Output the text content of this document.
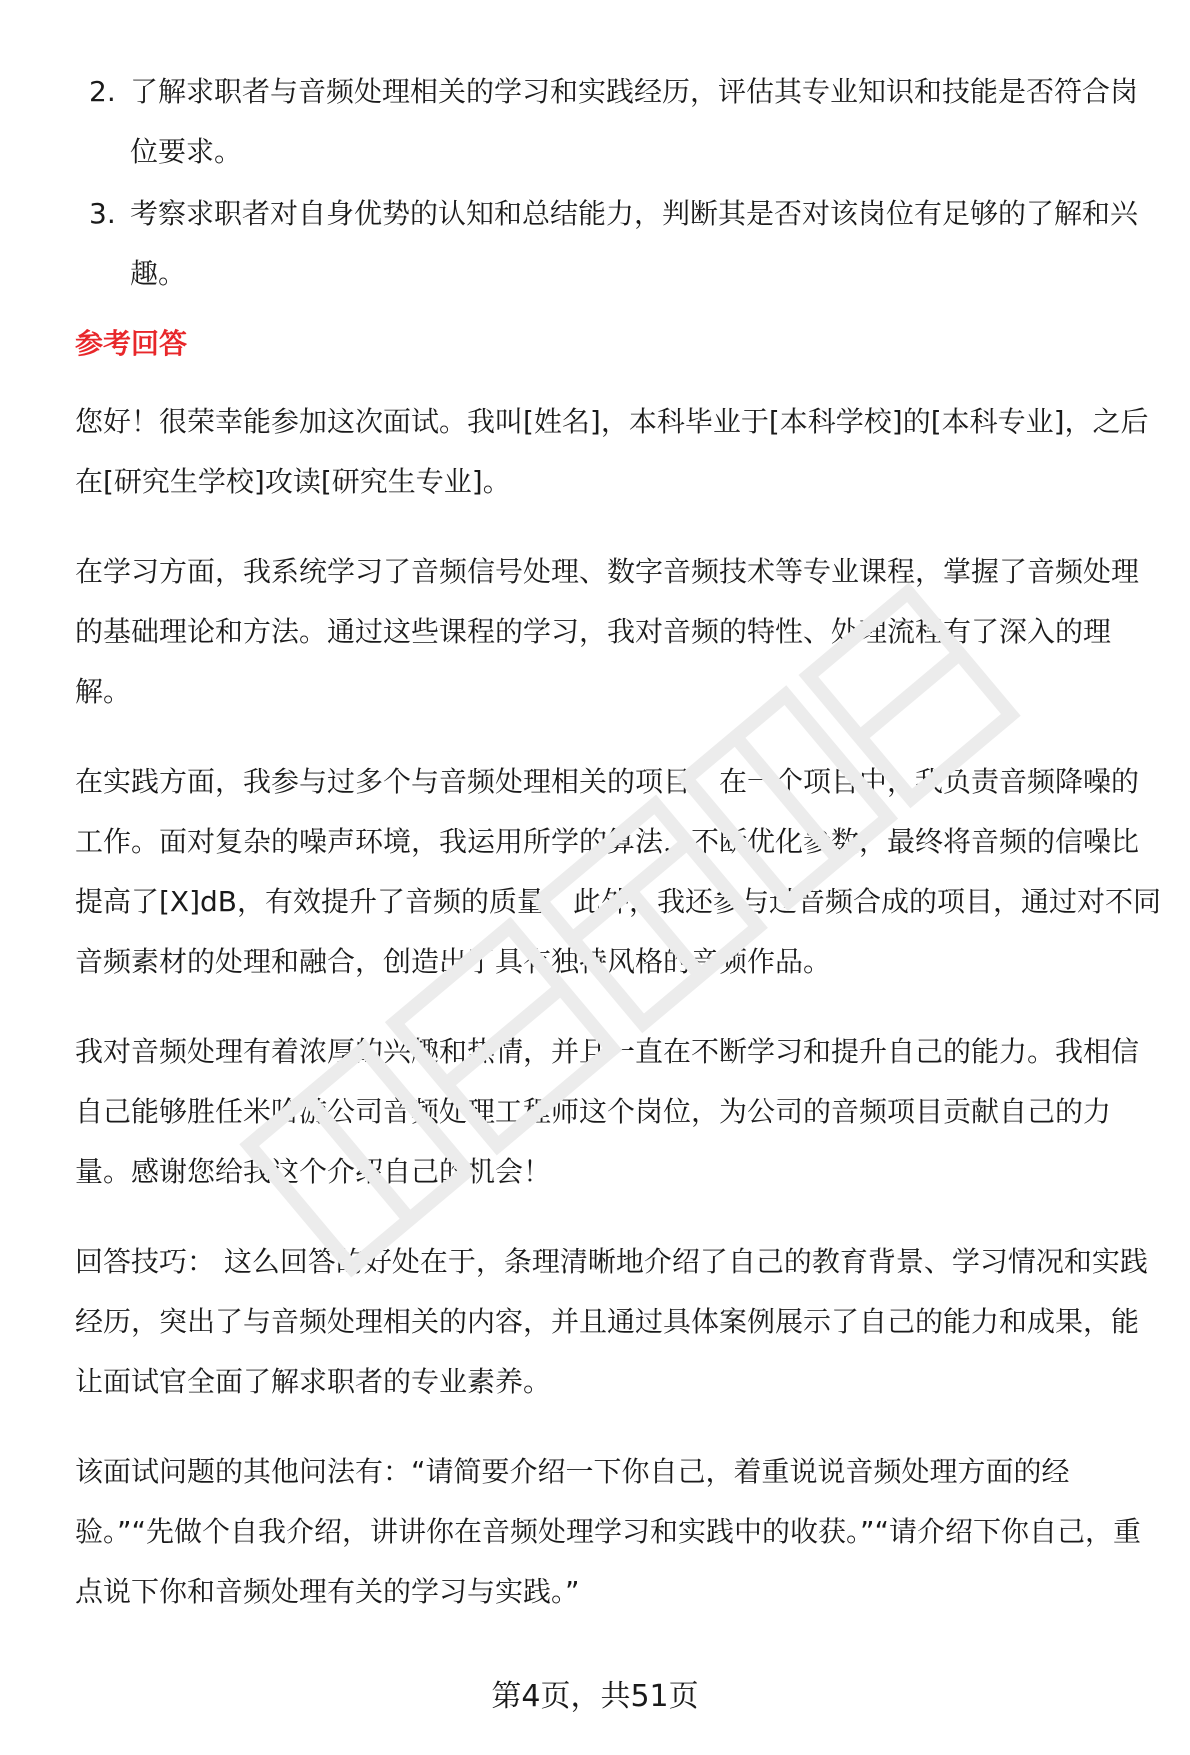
2. 了解求职者与音频处理相关的学习和实践经历，评估其专业知识和技能是否符合岗位要求。
3. 考察求职者对自身优势的认知和总结能力，判断其是否对该岗位有足够的了解和兴趣。
参考回答

您好！很荣幸能参加这次面试。我叫[姓名]，本科毕业于[本科学校]的[本科专业]，之后在[研究生学校]攻读[研究生专业]。

在学习方面，我系统学习了音频信号处理、数字音频技术等专业课程，掌握了音频处理的基础理论和方法。通过这些课程的学习，我对音频的特性、处理流程有了深入的理解。

在实践方面，我参与过多个与音频处理相关的项目。在一个项目中，我负责音频降噪的工作。面对复杂的噪声环境，我运用所学的算法，不断优化参数，最终将音频的信噪比提高了[X]dB，有效提升了音频的质量。此外，我还参与过音频合成的项目，通过对不同音频素材的处理和融合，创造出了具有独特风格的音频作品。

我对音频处理有着浓厚的兴趣和热情，并且一直在不断学习和提升自己的能力。我相信自己能够胜任米哈游公司音频处理工程师这个岗位，为公司的音频项目贡献自己的力量。感谢您给我这个介绍自己的机会！

回答技巧： 这么回答的好处在于，条理清晰地介绍了自己的教育背景、学习情况和实践经历，突出了与音频处理相关的内容，并且通过具体案例展示了自己的能力和成果，能让面试官全面了解求职者的专业素养。

该面试问题的其他问法有：“请简要介绍一下你自己，着重说说音频处理方面的经验。”“先做个自我介绍，讲讲你在音频处理学习和实践中的收获。”“请介绍下你自己，重点说下你和音频处理有关的学习与实践。”

第4页，共51页
